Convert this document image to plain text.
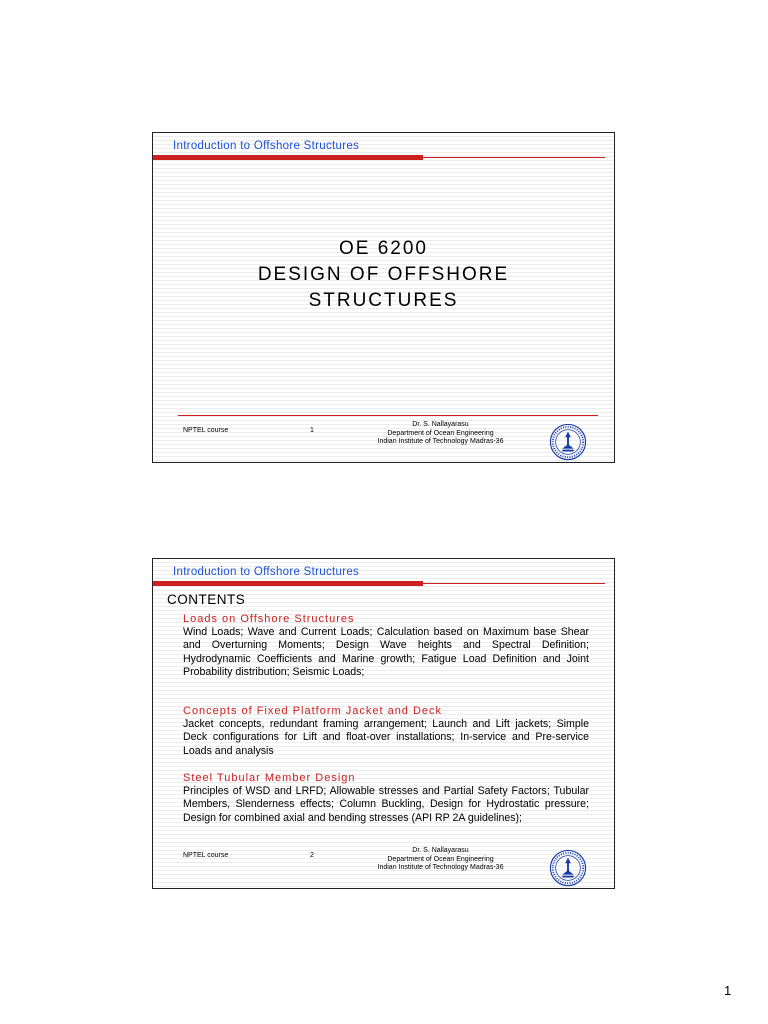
Introduction to Offshore Structures
OE 6200
DESIGN OF OFFSHORE
STRUCTURES
NPTEL course	1
Dr. S. Nallayarasu
Department of Ocean Engineering
Indian Institute of Technology Madras-36
Introduction to Offshore Structures
CONTENTS
Loads on Offshore Structures
Wind Loads; Wave and Current Loads; Calculation based on Maximum base Shear and Overturning Moments; Design Wave heights and Spectral Definition; Hydrodynamic Coefficients and Marine growth; Fatigue Load Definition and Joint Probability distribution; Seismic Loads;
Concepts of Fixed Platform Jacket and Deck
Jacket concepts, redundant framing arrangement; Launch and Lift jackets; Simple Deck configurations for Lift and float-over installations; In-service and Pre-service Loads and analysis
Steel Tubular Member Design
Principles of WSD and LRFD; Allowable stresses and Partial Safety Factors; Tubular Members, Slenderness effects; Column Buckling, Design for Hydrostatic pressure; Design for combined axial and bending stresses (API RP 2A guidelines);
NPTEL course	2
Dr. S. Nallayarasu
Department of Ocean Engineering
Indian Institute of Technology Madras-36
1
